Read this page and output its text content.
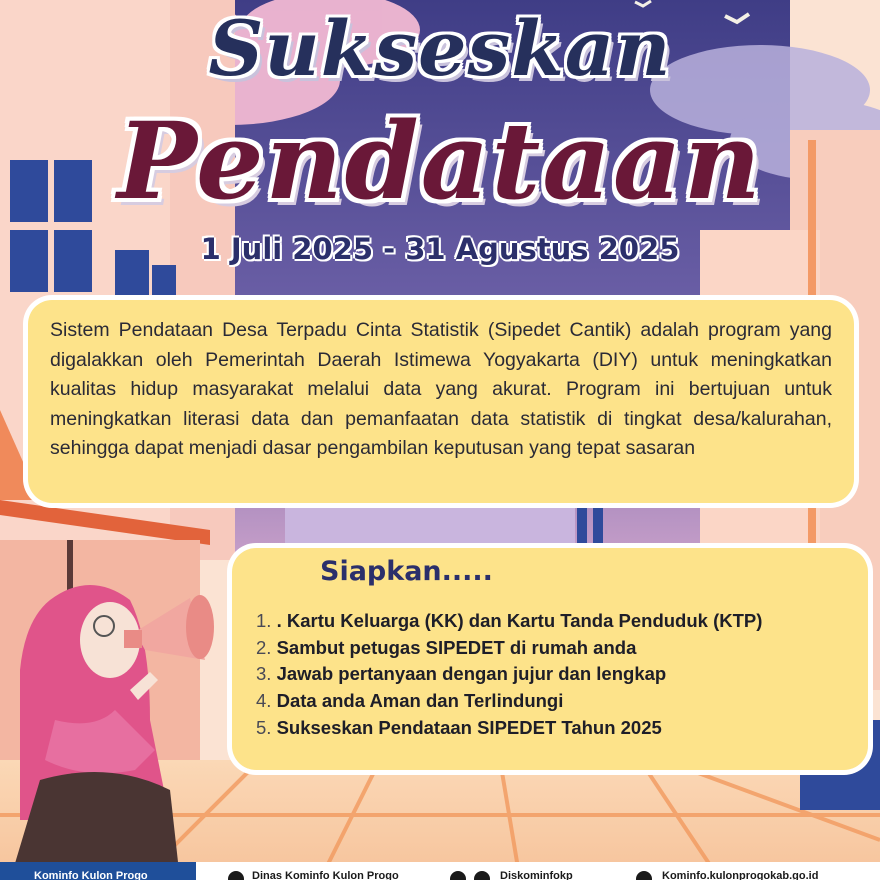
Sukseskan
Pendataan
1 Juli 2025 - 31 Agustus 2025

Sistem Pendataan Desa Terpadu Cinta Statistik (Sipedet Cantik) adalah program yang digalakkan oleh Pemerintah Daerah Istimewa Yogyakarta (DIY) untuk meningkatkan kualitas hidup masyarakat melalui data yang akurat. Program ini bertujuan untuk meningkatkan literasi data dan pemanfaatan data statistik di tingkat desa/kalurahan, sehingga dapat menjadi dasar pengambilan keputusan yang tepat sasaran

Siapkan.....
1. . Kartu Keluarga (KK) dan Kartu Tanda Penduduk (KTP)
2. Sambut petugas SIPEDET di rumah anda
3. Jawab pertanyaan dengan jujur dan lengkap
4. Data anda Aman dan Terlindungi
5. Sukseskan Pendataan SIPEDET Tahun 2025
Kominfo Kulon Progo	Dinas Kominfo Kulon Progo	Diskominfokp	Kominfo.kulonprogokab.go.id
